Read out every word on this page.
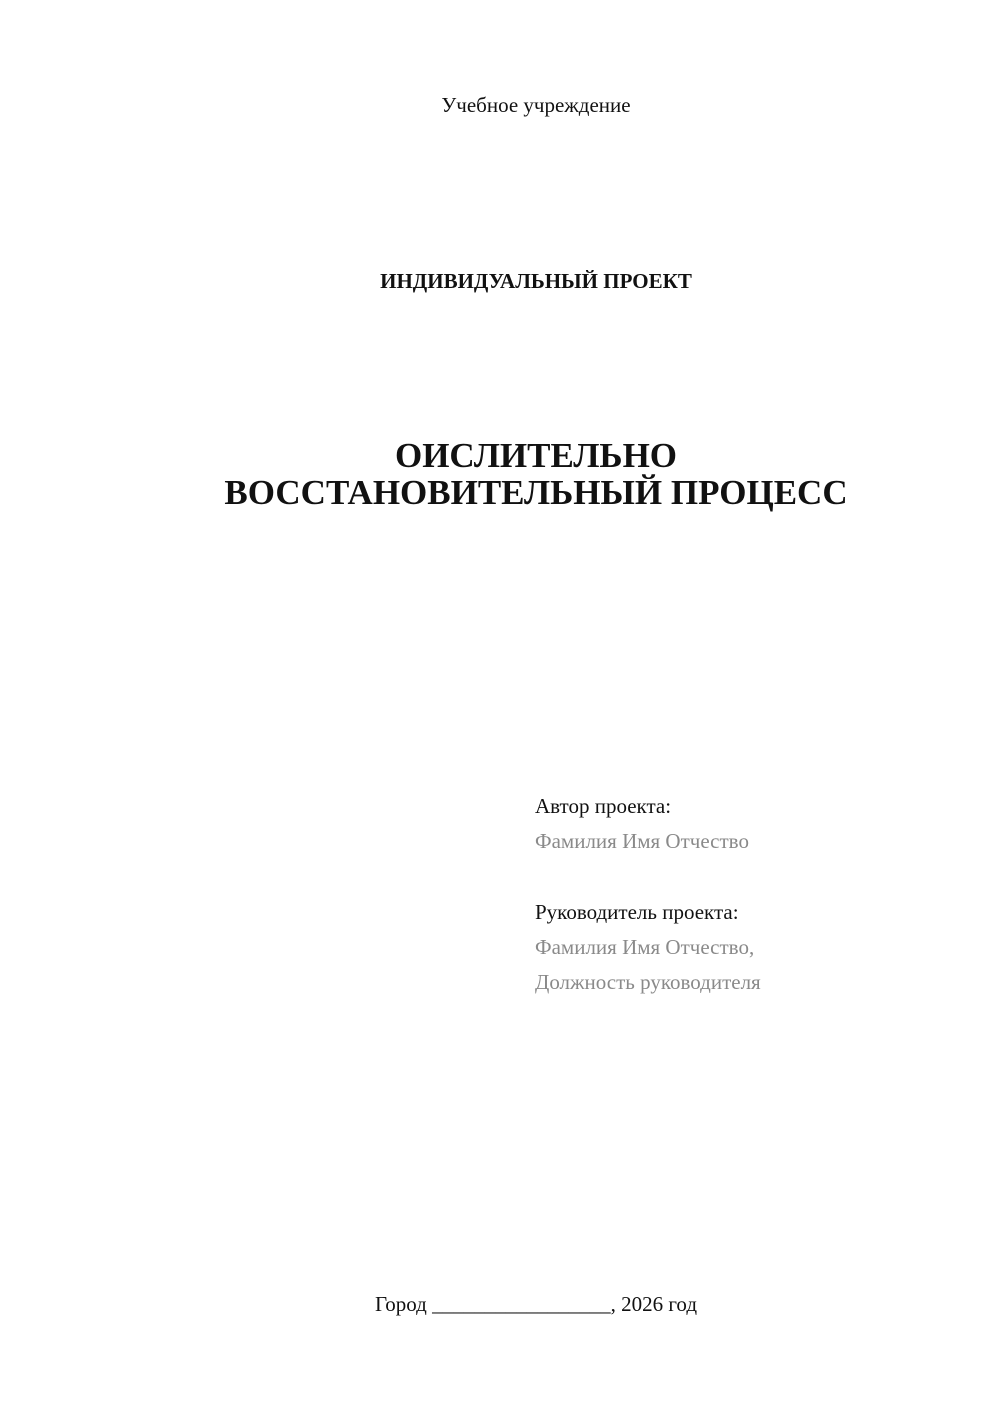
Учебное учреждение
ИНДИВИДУАЛЬНЫЙ ПРОЕКТ
ОИСЛИТЕЛЬНО
ВОССТАНОВИТЕЛЬНЫЙ ПРОЦЕСС
Автор проекта:
Фамилия Имя Отчество
Руководитель проекта:
Фамилия Имя Отчество,
Должность руководителя
Город _________________, 2026 год
